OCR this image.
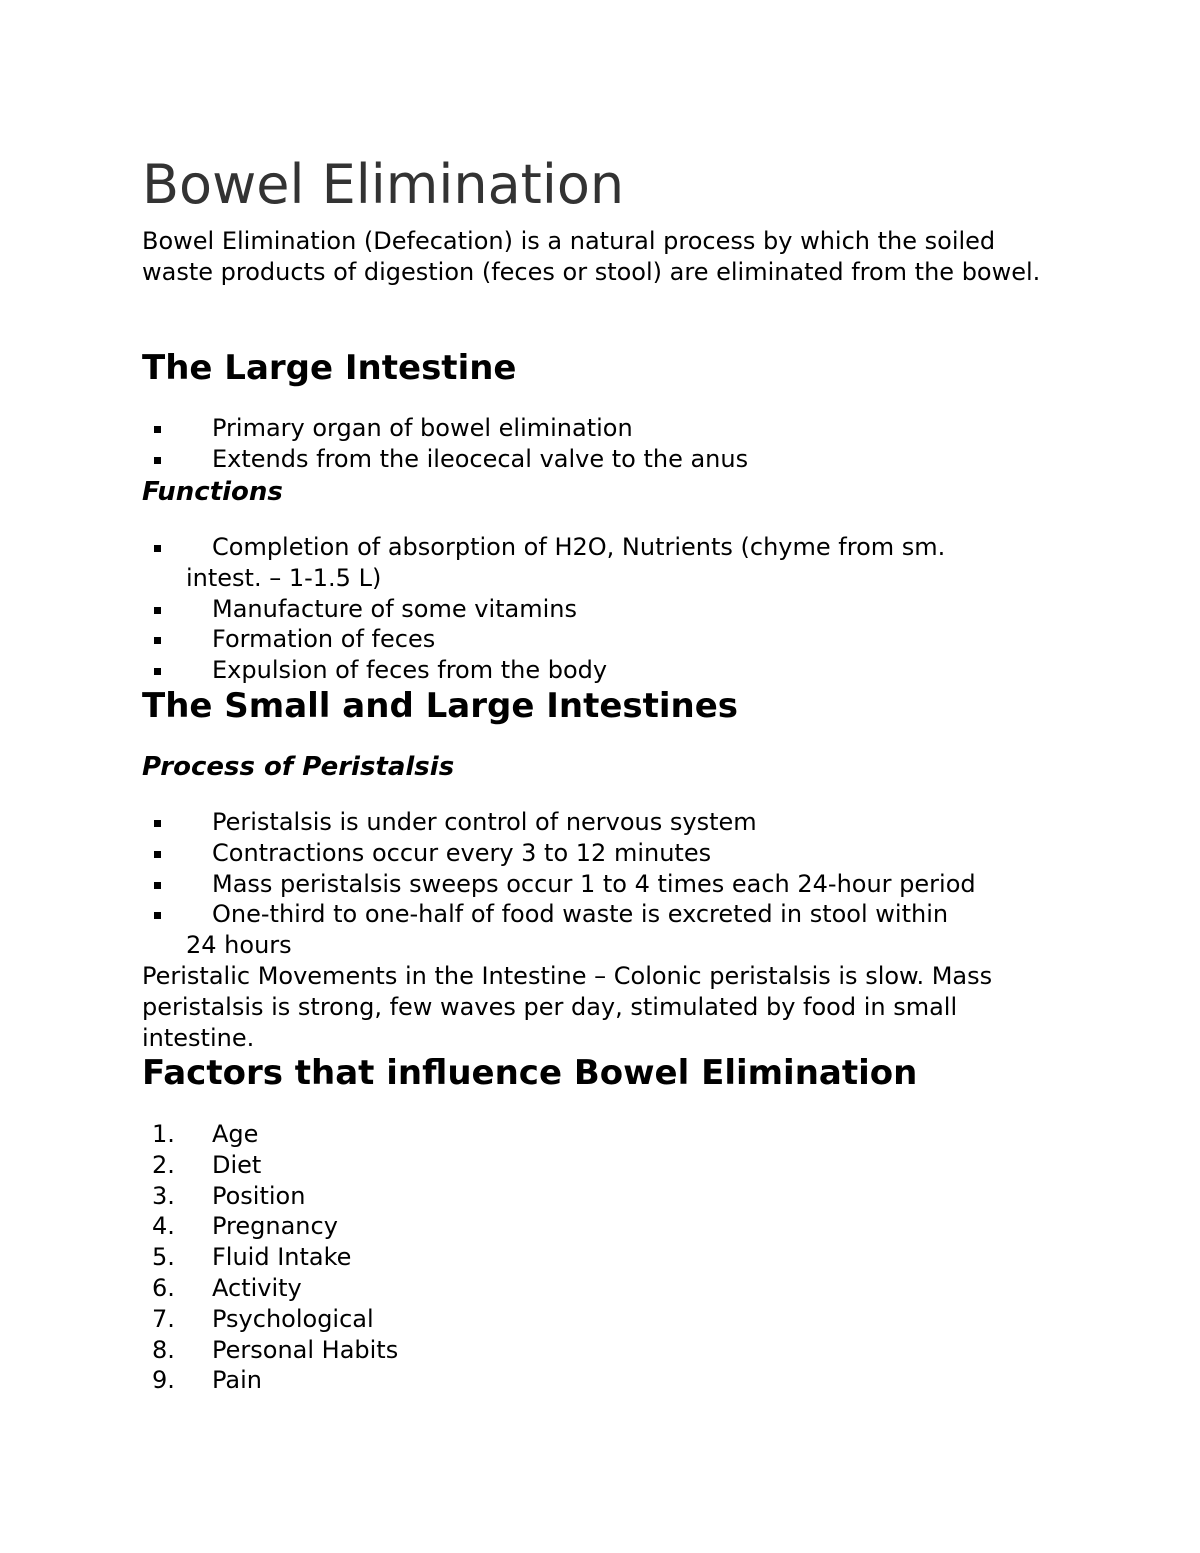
Bowel Elimination

Bowel Elimination (Defecation) is a natural process by which the soiled waste products of digestion (feces or stool) are eliminated from the bowel.

The Large Intestine
Primary organ of bowel elimination
Extends from the ileocecal valve to the anus
Functions
Completion of absorption of H2O, Nutrients (chyme from sm.
intest. – 1-1.5 L)
Manufacture of some vitamins
Formation of feces
Expulsion of feces from the body
The Small and Large Intestines
Process of Peristalsis
Peristalsis is under control of nervous system
Contractions occur every 3 to 12 minutes
Mass peristalsis sweeps occur 1 to 4 times each 24-hour period
One-third to one-half of food waste is excreted in stool within
24 hours

Peristalic Movements in the Intestine – Colonic peristalsis is slow. Mass peristalsis is strong, few waves per day, stimulated by food in small intestine.

Factors that influence Bowel Elimination
1. Age
2. Diet
3. Position
4. Pregnancy
5. Fluid Intake
6. Activity
7. Psychological
8. Personal Habits
9. Pain
